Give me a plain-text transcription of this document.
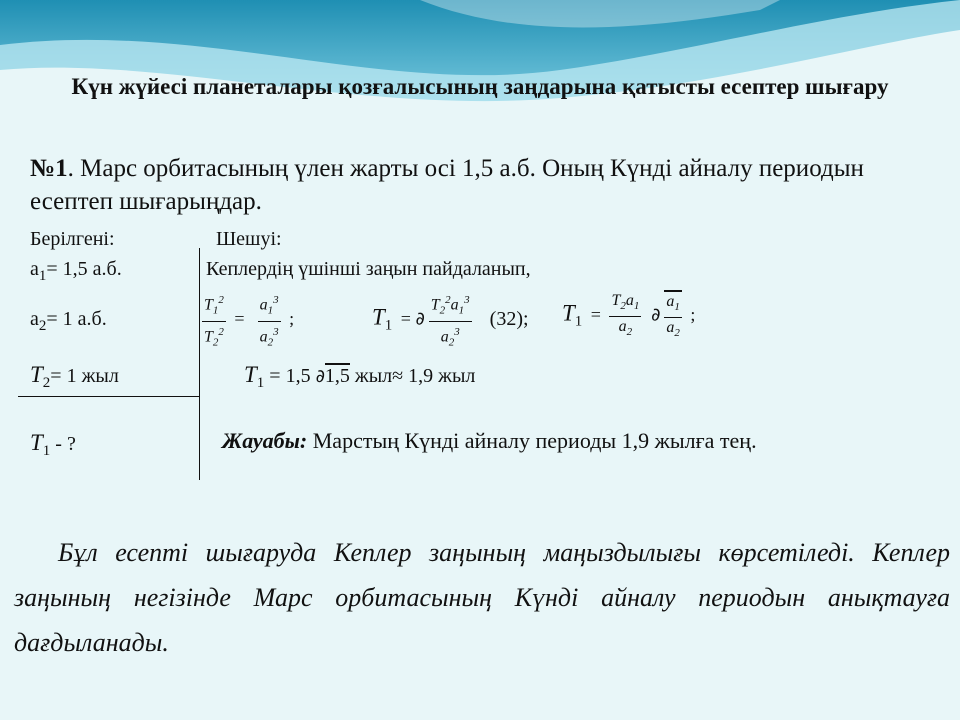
Күн жүйесі планеталары қозғалысының заңдарына қатысты есептер шығару
№1. Марс орбитасының үлен жарты осі 1,5 а.б. Оның Күнді айналу периодын есептеп шығарыңдар.
Берілгені:	Шешуі:
$a_1= 1,5$ а.б.
$a_2= 1$ а.б.
$T_2= 1$ жыл
$T_1$ - ?
Кеплердің үшінші заңын пайдаланып,
$\frac{T_1^2}{T_2^2} = \frac{a_1^3}{a_2^3}$ ;	T1  = ∂ $\frac{T_2^2a_1^3}{a_2^3} (32)$; $T1 = \frac{T_2a_1}{a_2}$ ∂ $\frac{a_1}{a_2}$ ;
$T_1 = 1,5$ ∂1,5 жыл≈ 1,9 жыл
Жауабы: Марстың Күнді айналу периоды 1,9 жылға тең.
Бұл есепті шығаруда Кеплер заңының маңыздылығы көрсетіледі. Кеплер заңының негізінде Марс орбитасының Күнді айналу периодын анықтауға дағдыланады.
